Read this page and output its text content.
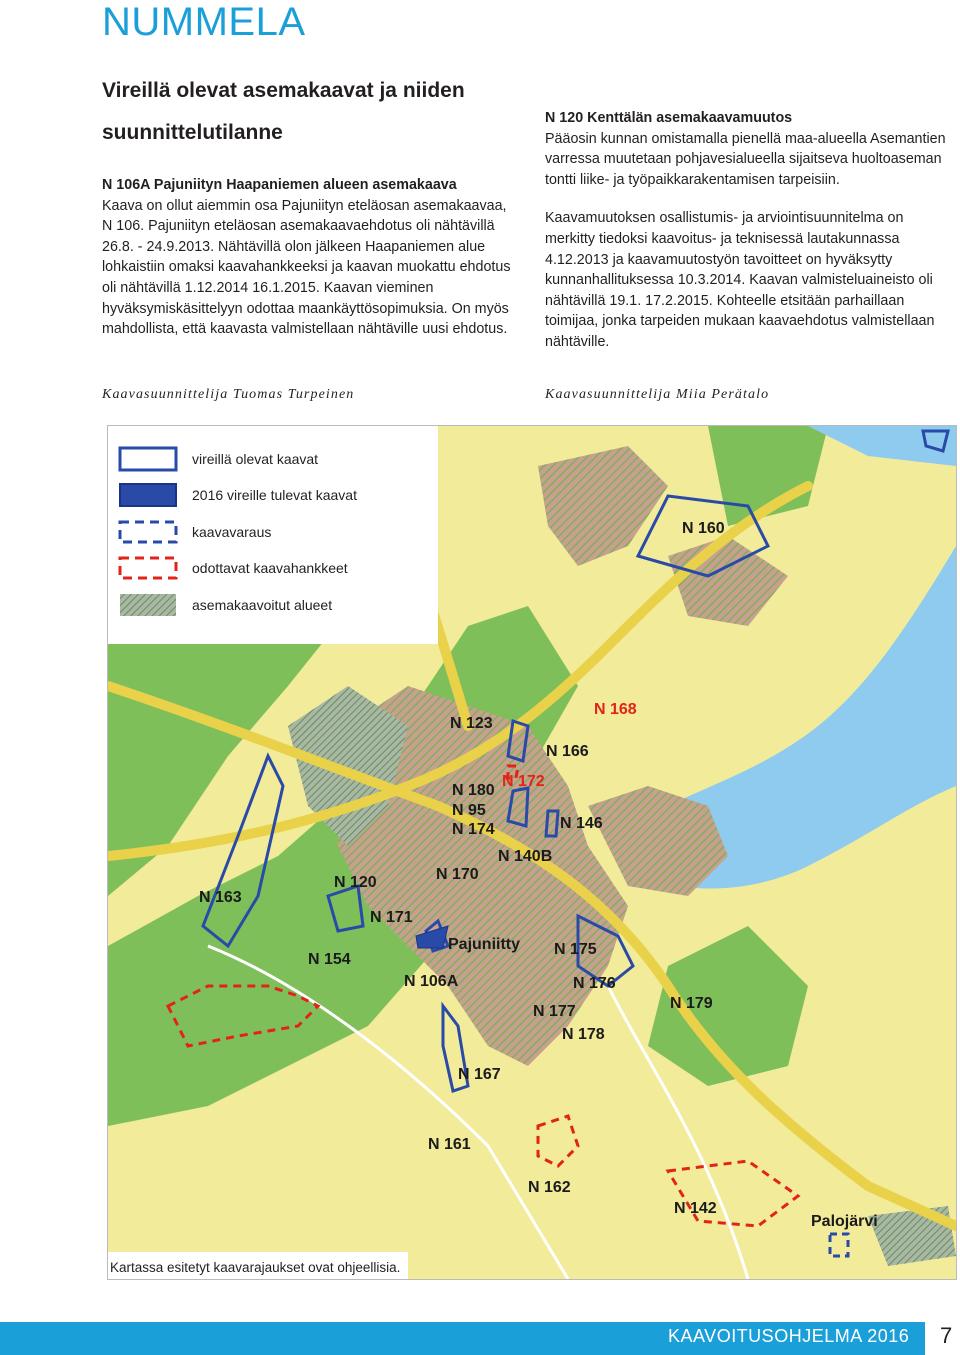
NUMMELA
Vireillä olevat asemakaavat ja niiden suunnittelutilanne
N 106A Pajuniityn Haapaniemen alueen asemakaava

Kaava on ollut aiemmin osa Pajuniityn eteläosan asemakaavaa, N 106. Pajuniityn eteläosan asemakaavaehdotus oli nähtävillä 26.8. - 24.9.2013. Nähtävillä olon jälkeen Haapaniemen alue lohkaistiin omaksi kaavahankkeeksi ja kaavan muokattu ehdotus oli nähtävillä 1.12.2014 16.1.2015. Kaavan vieminen hyväksymiskäsittelyyn odottaa maankäyttösopimuksia. On myös mahdollista, että kaavasta valmistellaan nähtäville uusi ehdotus.

Kaavasuunnittelija Tuomas Turpeinen
N 120 Kenttälän asemakaavamuutos

Pääosin kunnan omistamalla pienellä maa-alueella Asemantien varressa muutetaan pohjavesialueella sijaitseva huoltoaseman tontti liike- ja työpaikkarakentamisen tarpeisiin.

Kaavamuutoksen osallistumis- ja arviointisuunnitelma on merkitty tiedoksi kaavoitus- ja teknisessä lautakunnassa 4.12.2013 ja kaavamuutostyön tavoitteet on hyväksytty kunnanhallituksessa 10.3.2014. Kaavan valmisteluaineisto oli nähtävillä 19.1. 17.2.2015. Kohteelle etsitään parhaillaan toimijaa, jonka tarpeiden mukaan kaavaehdotus valmistellaan nähtäville.

Kaavasuunnittelija Miia Perätalo
vireillä olevat kaavat
2016 vireille tulevat kaavat
kaavavaraus
odottavat kaavahankkeet
asemakaavoitut alueet
N 160
N 168
N 123
N 166
N 172
N 180
N 95
N 174	N 146
N 140B
N 170
N 163
N 120
N 171
Pajuniitty N 175
N 154
N 106A	N 176
N 179
N 177
N 178
N 167
N 161
N 162
N 142
Palojärvi
Kartassa esitetyt kaavarajaukset ovat ohjeellisia.
KAAVOITUSOHJELMA 2016 7
